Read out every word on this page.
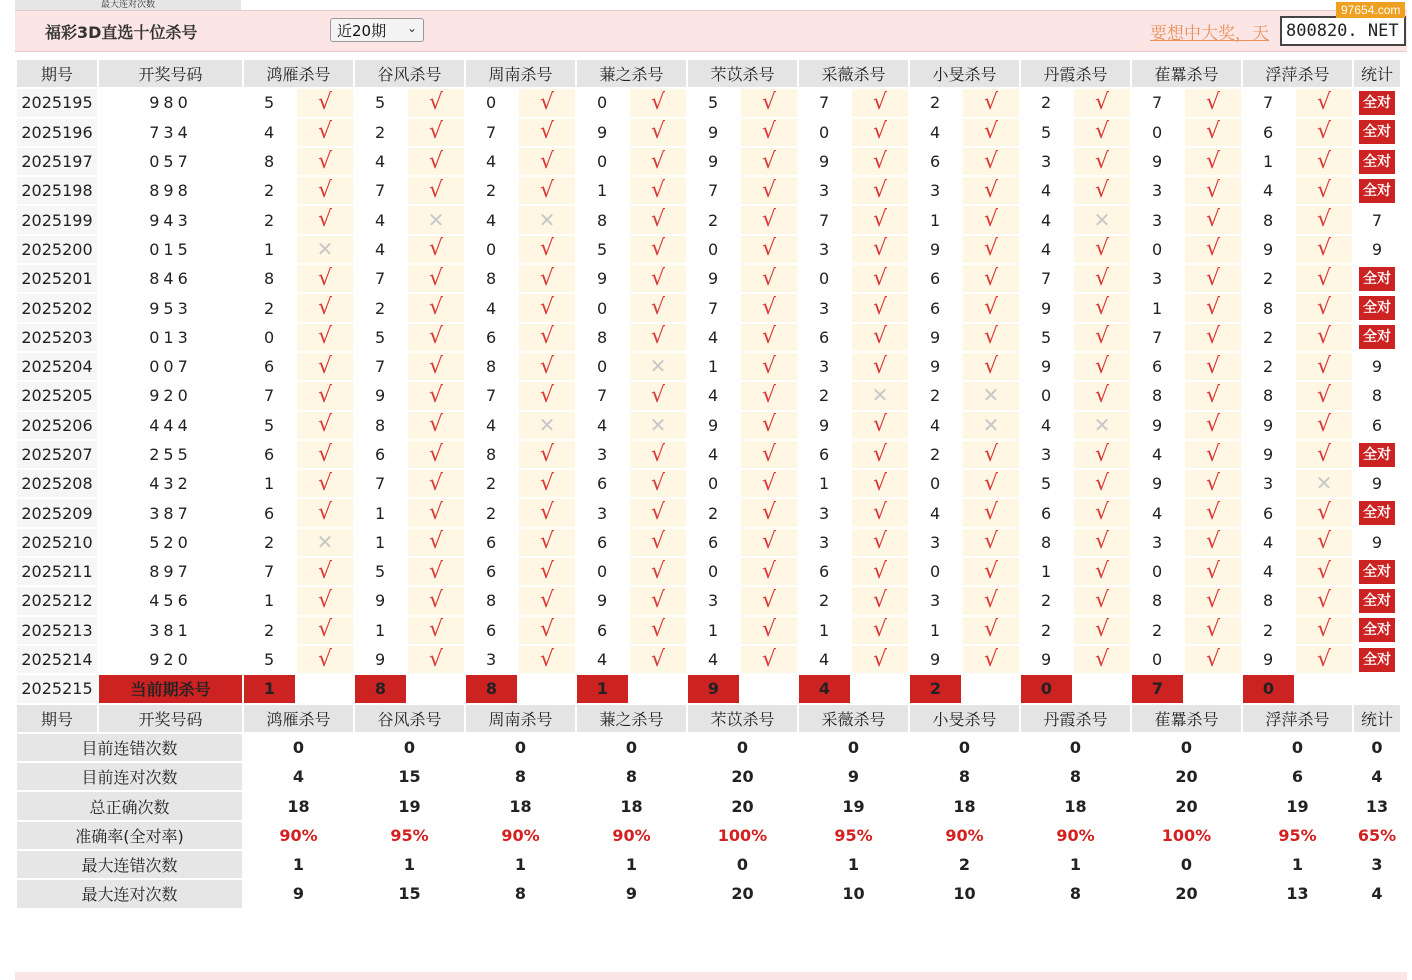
最大连对次数
福彩3D直选十位杀号	近20期 ⌄	要想中大奖，天	800820. NET
97654.com
期号	开奖号码	鸿雁杀号		谷风杀号		周南杀号		蒹之杀号		芣苡杀号		采薇杀号		小旻杀号		丹霞杀号		萑羃杀号		浮萍杀号		统计
2025195	980	5	√	5	√	0	√	0	√	5	√	7	√	2	√	2	√	7	√	7	√	全对
2025196	734	4	√	2	√	7	√	9	√	9	√	0	√	4	√	5	√	0	√	6	√	全对
2025197	057	8	√	4	√	4	√	0	√	9	√	9	√	6	√	3	√	9	√	1	√	全对
2025198	898	2	√	7	√	2	√	1	√	7	√	3	√	3	√	4	√	3	√	4	√	全对
2025199	943	2	√	4	✕	4	✕	8	√	2	√	7	√	1	√	4	✕	3	√	8	√	7
2025200	015	1	✕	4	√	0	√	5	√	0	√	3	√	9	√	4	√	0	√	9	√	9
2025201	846	8	√	7	√	8	√	9	√	9	√	0	√	6	√	7	√	3	√	2	√	全对
2025202	953	2	√	2	√	4	√	0	√	7	√	3	√	6	√	9	√	1	√	8	√	全对
2025203	013	0	√	5	√	6	√	8	√	4	√	6	√	9	√	5	√	7	√	2	√	全对
2025204	007	6	√	7	√	8	√	0	✕	1	√	3	√	9	√	9	√	6	√	2	√	9
2025205	920	7	√	9	√	7	√	7	√	4	√	2	✕	2	✕	0	√	8	√	8	√	8
2025206	444	5	√	8	√	4	✕	4	✕	9	√	9	√	4	✕	4	✕	9	√	9	√	6
2025207	255	6	√	6	√	8	√	3	√	4	√	6	√	2	√	3	√	4	√	9	√	全对
2025208	432	1	√	7	√	2	√	6	√	0	√	1	√	0	√	5	√	9	√	3	✕	9
2025209	387	6	√	1	√	2	√	3	√	2	√	3	√	4	√	6	√	4	√	6	√	全对
2025210	520	2	✕	1	√	6	√	6	√	6	√	3	√	3	√	8	√	3	√	4	√	9
2025211	897	7	√	5	√	6	√	0	√	0	√	6	√	0	√	1	√	0	√	4	√	全对
2025212	456	1	√	9	√	8	√	9	√	3	√	2	√	3	√	2	√	8	√	8	√	全对
2025213	381	2	√	1	√	6	√	6	√	1	√	1	√	1	√	2	√	2	√	2	√	全对
2025214	920	5	√	9	√	3	√	4	√	4	√	4	√	9	√	9	√	0	√	9	√	全对
2025215	当前期杀号	1		8		8		1		9		4		2		0		7		0		
期号	开奖号码	鸿雁杀号		谷风杀号		周南杀号		蒹之杀号		芣苡杀号		采薇杀号		小旻杀号		丹霞杀号		萑羃杀号		浮萍杀号		统计
目前连错次数		0		0		0		0		0		0		0		0		0		0		0
目前连对次数		4		15		8		8		20		9		8		8		20		6		4
总正确次数		18		19		18		18		20		19		18		18		20		19		13
准确率(全对率)		90%		95%		90%		90%		100%		95%		90%		90%		100%		95%		65%
最大连错次数		1		1		1		1		0		1		2		1		0		1		3
最大连对次数		9		15		8		9		20		10		10		8		20		13		4
